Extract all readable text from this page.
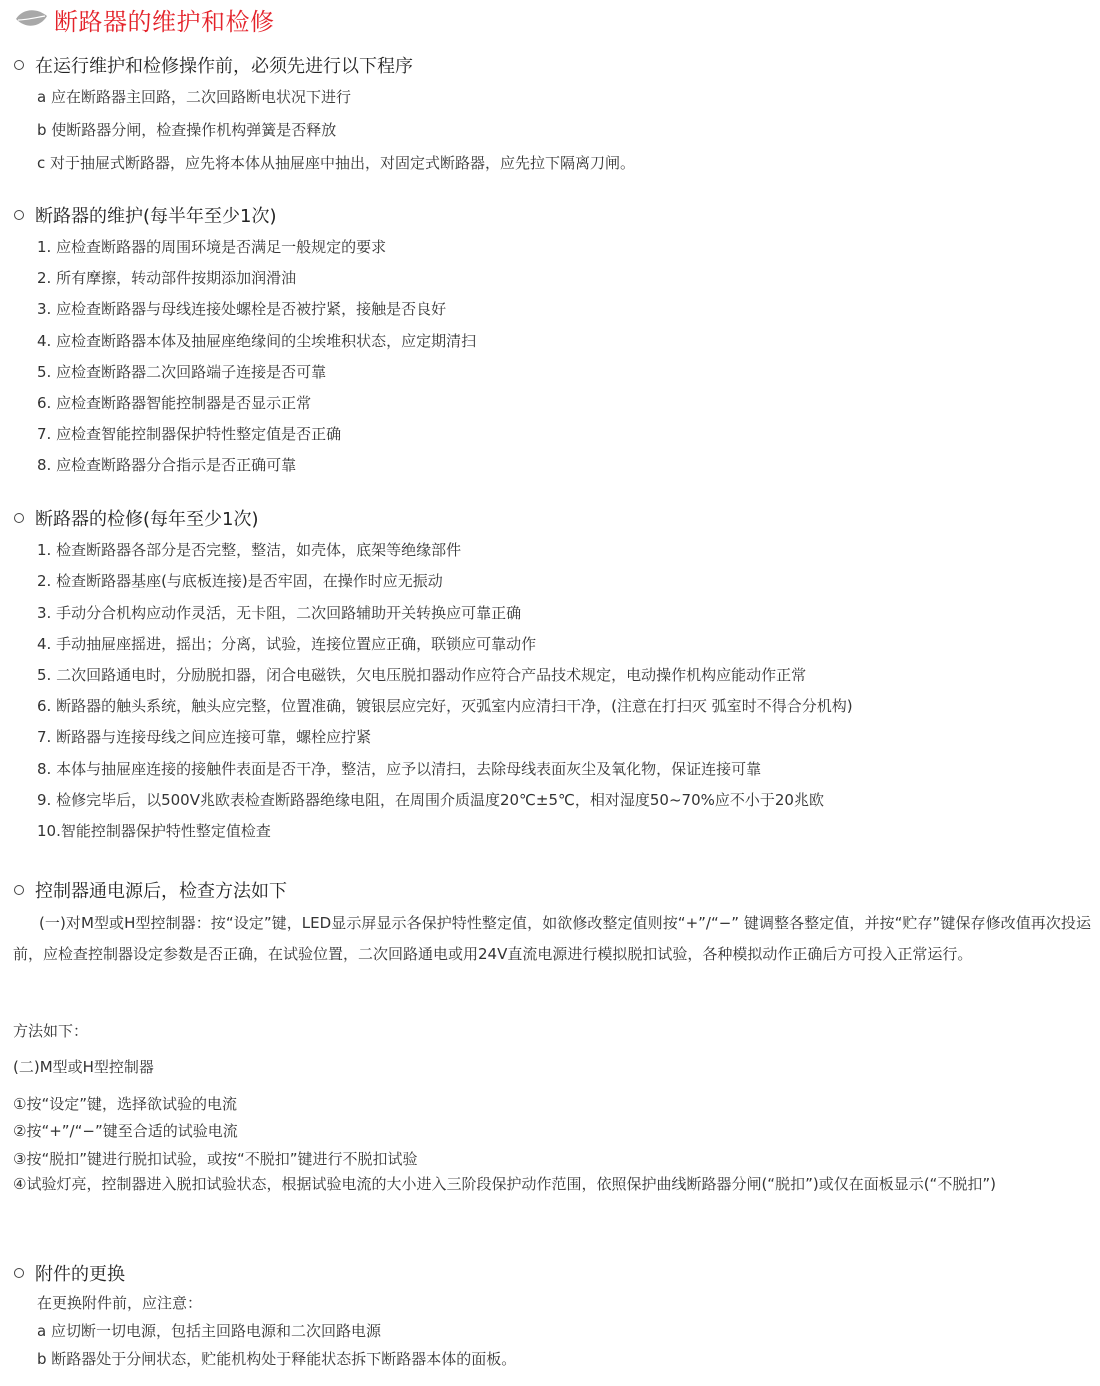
断路器的维护和检修
在运行维护和检修操作前，必须先进行以下程序
a 应在断路器主回路，二次回路断电状况下进行
b 使断路器分闸，检查操作机构弹簧是否释放
c 对于抽屉式断路器，应先将本体从抽屉座中抽出，对固定式断路器，应先拉下隔离刀闸。
断路器的维护(每半年至少1次)
1. 应检查断路器的周围环境是否满足一般规定的要求
2. 所有摩擦，转动部件按期添加润滑油
3. 应检查断路器与母线连接处螺栓是否被拧紧，接触是否良好
4. 应检查断路器本体及抽屉座绝缘间的尘埃堆积状态，应定期清扫
5. 应检查断路器二次回路端子连接是否可靠
6. 应检查断路器智能控制器是否显示正常
7. 应检查智能控制器保护特性整定值是否正确
8. 应检查断路器分合指示是否正确可靠
断路器的检修(每年至少1次)
1. 检查断路器各部分是否完整，整洁，如壳体，底架等绝缘部件
2. 检查断路器基座(与底板连接)是否牢固，在操作时应无振动
3. 手动分合机构应动作灵活，无卡阻，二次回路辅助开关转换应可靠正确
4. 手动抽屉座摇进，摇出；分离，试验，连接位置应正确，联锁应可靠动作
5. 二次回路通电时，分励脱扣器，闭合电磁铁，欠电压脱扣器动作应符合产品技术规定，电动操作机构应能动作正常
6. 断路器的触头系统，触头应完整，位置准确，镀银层应完好，灭弧室内应清扫干净，(注意在打扫灭 弧室时不得合分机构)
7. 断路器与连接母线之间应连接可靠，螺栓应拧紧
8. 本体与抽屉座连接的接触件表面是否干净，整洁，应予以清扫，去除母线表面灰尘及氧化物，保证连接可靠
9. 检修完毕后，以500V兆欧表检查断路器绝缘电阻，在周围介质温度20℃±5℃，相对湿度50~70%应不小于20兆欧
10.智能控制器保护特性整定值检查
控制器通电源后，检查方法如下
(一)对M型或H型控制器：按“设定”键，LED显示屏显示各保护特性整定值，如欲修改整定值则按“+”/“−” 键调整各整定值，并按“贮存”键保存修改值再次投运前，应检查控制器设定参数是否正确，在试验位置，二次回路通电或用24V直流电源进行模拟脱扣试验，各种模拟动作正确后方可投入正常运行。
方法如下：
(二)M型或H型控制器
①按“设定”键，选择欲试验的电流
②按“+”/“−”键至合适的试验电流
③按“脱扣”键进行脱扣试验，或按“不脱扣”键进行不脱扣试验
④试验灯亮，控制器进入脱扣试验状态，根据试验电流的大小进入三阶段保护动作范围，依照保护曲线断路器分闸(“脱扣”)或仅在面板显示(“不脱扣”)
附件的更换
在更换附件前，应注意：
a 应切断一切电源，包括主回路电源和二次回路电源
b 断路器处于分闸状态，贮能机构处于释能状态拆下断路器本体的面板。
